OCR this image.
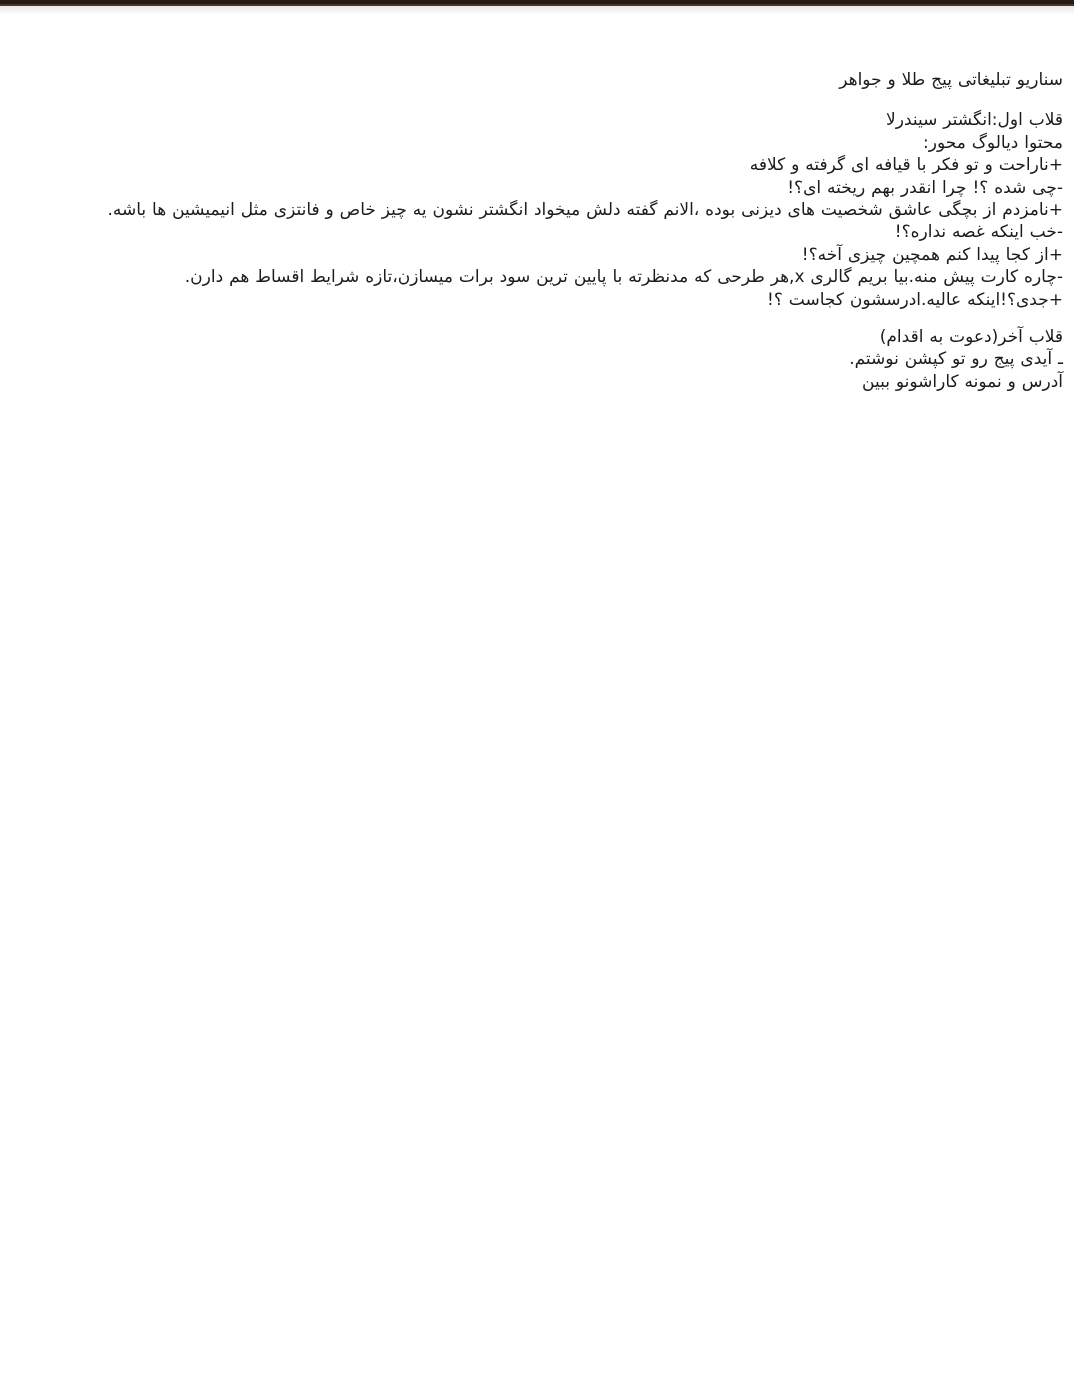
سناریو تبلیغاتی پیج طلا و جواهر
قلاب اول:انگشتر سیندرلا
محتوا دیالوگ محور:
+ناراحت و تو فکر با قیافه ای گرفته و کلافه
-چی شده ؟! چرا انقدر بهم ریخته ای؟!
+نامزدم از بچگی عاشق شخصیت های دیزنی بوده ،الانم گفته دلش میخواد انگشتر نشون یه چیز خاص و فانتزی مثل انیمیشین ها باشه.
-خب اینکه غصه نداره؟!
+از کجا پیدا کنم همچین چیزی آخه؟!
-چاره کارت پیش منه.بیا بریم گالری x,هر طرحی که مدنظرته با پایین ترین سود برات میسازن،تازه شرایط اقساط هم دارن.
+جدی؟!اینکه عالیه.ادرسشون کجاست ؟!
قلاب آخر(دعوت به اقدام)
ـ آیدی پیج رو تو کپشن نوشتم.
آدرس و نمونه کاراشونو ببین
